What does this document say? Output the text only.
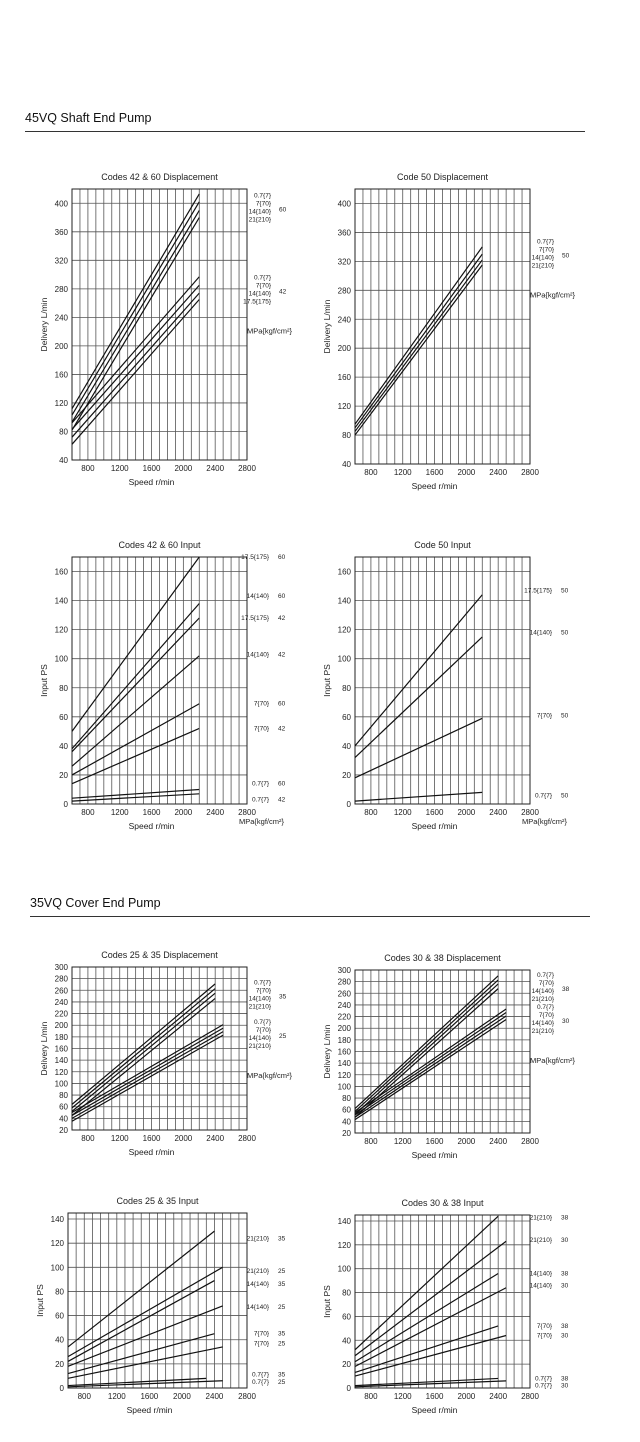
45VQ Shaft End Pump
35VQ Cover End Pump
Codes 42 & 60 Displacement
800 1200 1600 2000 2400 2800
40
80
120
160
200
240
280
320
360
400
Speed r/min
Delivery L/min
0.7{7}
7{70}
14{140}
21{210}
60
0.7{7}
7{70}
14{140}
17.5{175}
42
MPa{kgf/cm²}
Code 50 Displacement
800 1200 1600 2000 2400 2800
40
80
120
160
200
240
280
320
360
400
Speed r/min
Delivery L/min
0.7{7}
7{70}
14{140}
21{210}
50
MPa{kgf/cm²}
Codes 42 & 60 Input
800 1200 1600 2000 2400 2800
0
20
40
60
80
100
120
140
160
Speed r/min
Input PS
17.5{175} 60
14{140} 60
17.5{175} 42
14{140} 42
7{70} 60
7{70} 42
0.7{7} 60
0.7{7} 42
MPa{kgf/cm²}
Code 50 Input
800 1200 1600 2000 2400 2800
0
20
40
60
80
100
120
140
160
Speed r/min
Input PS
17.5{175} 50
14{140} 50
7{70} 50
0.7{7} 50
MPa{kgf/cm²}
Codes 25 & 35 Displacement
800 1200 1600 2000 2400 2800
20
40
60
80
100
120
140
160
180
200
220
240
260
280
300
Speed r/min
Delivery L/min
0.7{7}
7{70}
14{140}
21{210}
35
0.7{7}
7{70}
14{140}
21{210}
25
MPa{kgf/cm²}
Codes 30 & 38 Displacement
800 1200 1600 2000 2400 2800
20
40
60
80
100
120
140
160
180
200
220
240
260
280
300
Speed r/min
Delivery L/min
0.7{7}
7{70}
14{140}
21{210}
38
0.7{7}
7{70}
14{140}
21{210}
30
MPa{kgf/cm²}
Codes 25 & 35 Input
800 1200 1600 2000 2400 2800
0
20
40
60
80
100
120
140
Speed r/min
Input PS
21{210} 35
21{210} 25
14{140} 35
14{140} 25
7{70} 35
7{70} 25
0.7{7} 35
0.7{7} 25
Codes 30 & 38 Input
800 1200 1600 2000 2400 2800
0
20
40
60
80
100
120
140
Speed r/min
Input PS
21{210} 38
21{210} 30
14{140} 38
14{140} 30
7{70} 38
7{70} 30
0.7{7} 38
0.7{7} 30
